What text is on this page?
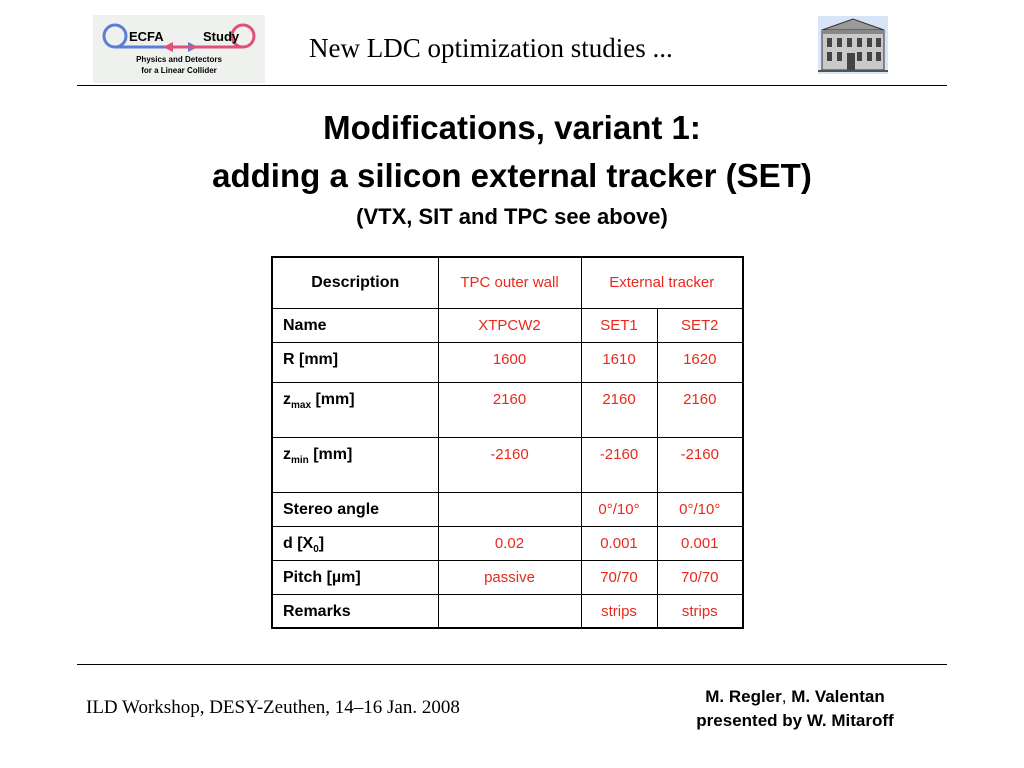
ECFA	Study
Physics and Detectors
for a Linear Collider
New LDC optimization studies ...
Modifications, variant 1:
adding a silicon external tracker (SET)
(VTX, SIT and TPC see above)
Description	TPC outer wall	External tracker	
Name	XTPCW2	SET1	SET2
R [mm]	1600	1610	1620
$z_{max}$ [mm]	2160	2160	2160
$z_{min}$ [mm]	-2160	-2160	-2160
Stereo angle		0°/10°	0°/10°
d $[X_0]$	0.02	0.001	0.001
Pitch [µm]	passive	70/70	70/70
Remarks		strips	strips
ILD Workshop, DESY-Zeuthen, 14–16 Jan. 2008
M. Regler, M. Valentan
presented by W. Mitaroff
